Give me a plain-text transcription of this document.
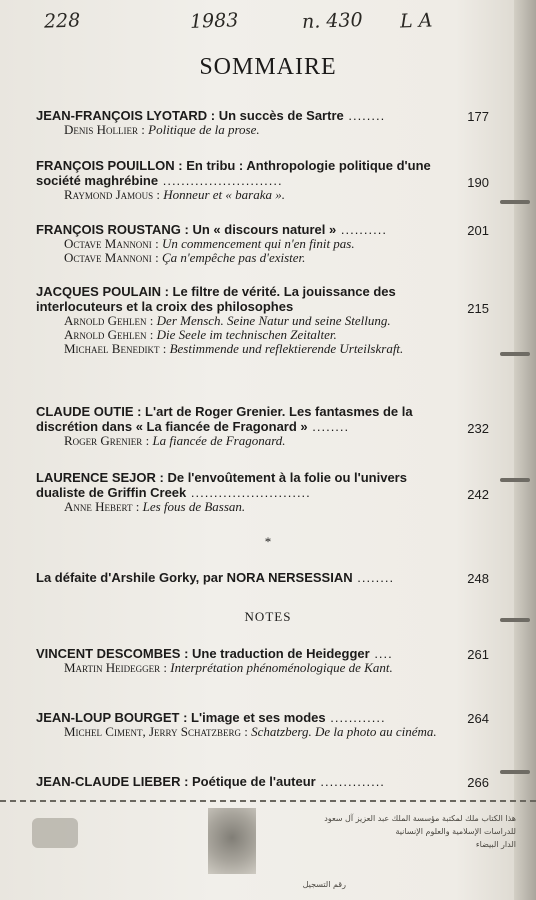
228	1983	n. 430 L A
SOMMAIRE
177
JEAN-FRANÇOIS LYOTARD : Un succès de Sartre ........
Denis Hollier : Politique de la prose.
190
FRANÇOIS POUILLON : En tribu : Anthropologie politique d'une société maghrébine ..........................
Raymond Jamous : Honneur et « baraka ».
201
FRANÇOIS ROUSTANG : Un « discours naturel » ..........
Octave Mannoni : Un commencement qui n'en finit pas.
Octave Mannoni : Ça n'empêche pas d'exister.
215
JACQUES POULAIN : Le filtre de vérité. La jouissance des interlocuteurs et la croix des philosophes
Arnold Gehlen : Der Mensch. Seine Natur und seine Stellung.
Arnold Gehlen : Die Seele im technischen Zeitalter.
Michael Benedikt : Bestimmende und reflektierende Urteilskraft.
232
CLAUDE OUTIE : L'art de Roger Grenier. Les fantasmes de la discrétion dans « La fiancée de Fragonard » ........
Roger Grenier : La fiancée de Fragonard.
242
LAURENCE SEJOR : De l'envoûtement à la folie ou l'univers dualiste de Griffin Creek ..........................
Anne Hebert : Les fous de Bassan.
*
248
La défaite d'Arshile Gorky, par NORA NERSESSIAN ........
NOTES
261
VINCENT DESCOMBES : Une traduction de Heidegger ....
Martin Heidegger : Interprétation phénoménologique de Kant.
264
JEAN-LOUP BOURGET : L'image et ses modes ............
Michel Ciment, Jerry Schatzberg : Schatzberg. De la photo au cinéma.
266
JEAN-CLAUDE LIEBER : Poétique de l'auteur ..............
هذا الكتاب ملك لمكتبة مؤسسة الملك عبد العزيز آل سعود
للدراسات الإسلامية والعلوم الإنسانية
الدار البيضاء
رقم التسجيل
